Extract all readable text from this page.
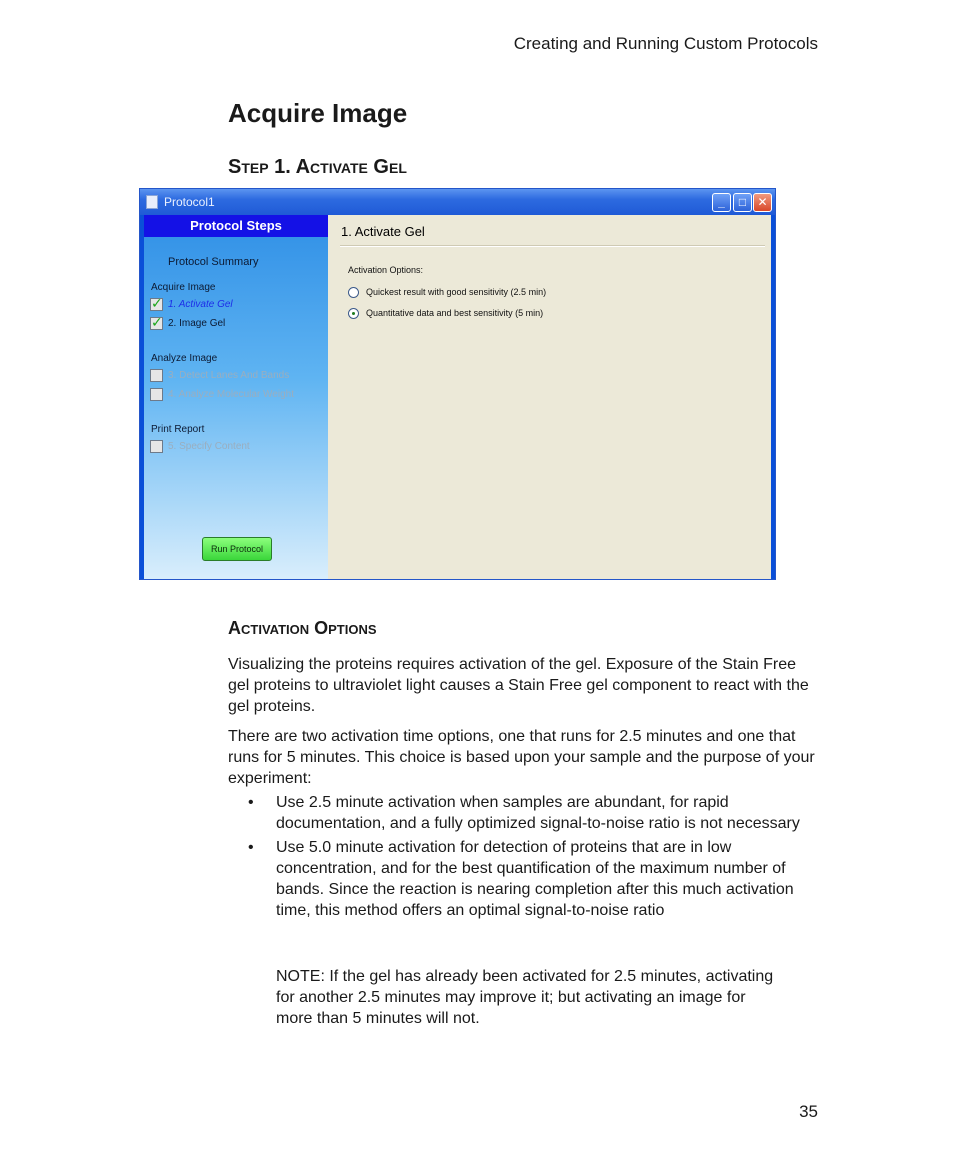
Creating and Running Custom Protocols
Acquire Image
Step 1. Activate Gel
Protocol1	_	□ ✕
Protocol Steps
Protocol Summary
Acquire Image
✓
1. Activate Gel
✓
2. Image Gel
Analyze Image
3. Detect Lanes And Bands
4. Analyze Molecular Weight
Print Report
5. Specify Content
Run Protocol
1. Activate Gel
Activation Options:
Quickest result with good sensitivity (2.5 min)
Quantitative data and best sensitivity (5 min)
Activation Options

Visualizing the proteins requires activation of the gel. Exposure of the Stain Free gel proteins to ultraviolet light causes a Stain Free gel component to react with the gel proteins.

There are two activation time options, one that runs for 2.5 minutes and one that runs for 5 minutes. This choice is based upon your sample and the purpose of your experiment:

• Use 2.5 minute activation when samples are abundant, for rapid documentation, and a fully optimized signal-to-noise ratio is not necessary
• Use 5.0 minute activation for detection of proteins that are in low concentration, and for the best quantification of the maximum number of bands. Since the reaction is nearing completion after this much activation time, this method offers an optimal signal-to-noise ratio

NOTE: If the gel has already been activated for 2.5 minutes, activating for another 2.5 minutes may improve it; but activating an image for more than 5 minutes will not.

35
